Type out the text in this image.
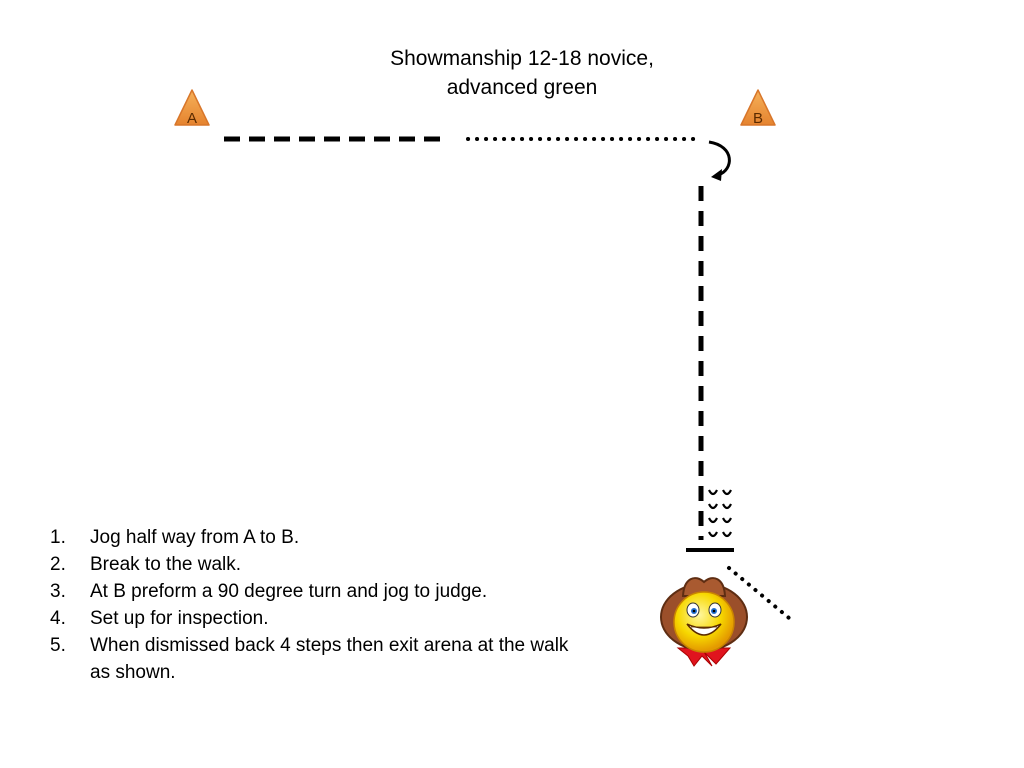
Showmanship 12-18 novice,
advanced green
A	B
1. Jog half way from A to B.
2. Break to the walk.
3. At B preform a 90 degree turn and jog to judge.
4. Set up for inspection.
5. When dismissed back 4 steps then exit arena at the walk as shown.
